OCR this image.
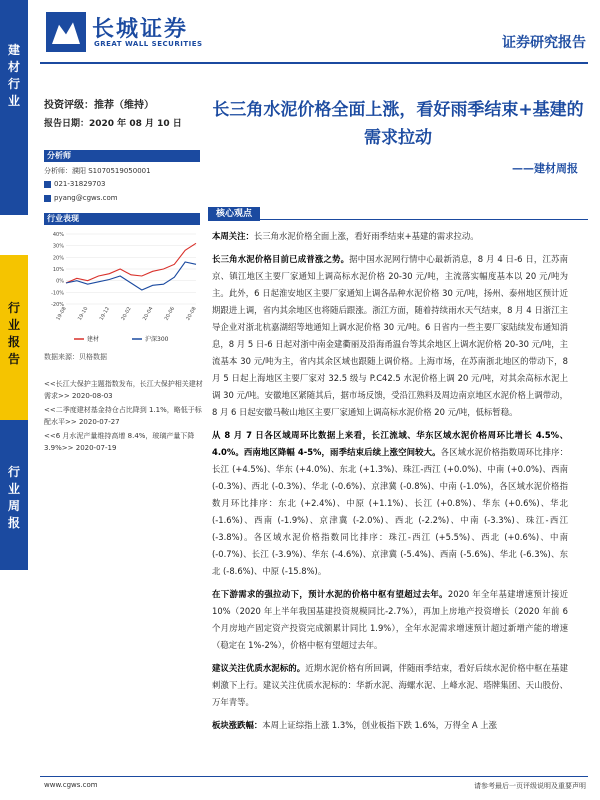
建
材
行
业
行
业
报
告
行
业
周
报
长城证券
GREAT WALL SECURITIES	证券研究报告
投资评级：推荐（维持）
报告日期：2020 年 08 月 10 日
分析师
分析师：濮阳 S1070519050001
021-31829703
pyang@cgws.com
行业表现
-20%
-10%
0%
10%
20%
30%
40%
19-08 19-10 19-12 20-02 20-04 20-06 20-08
建材	沪深300
数据来源：贝格数据
<<长江大保护主题指数发布，长江大保护相关建材需求>> 2020-08-03
<<二季度建材基金持仓占比降到 1.1%，略低于标配水平>> 2020-07-27
<<6 月水泥产量维持高增 8.4%，玻璃产量下降 3.9%>> 2020-07-19
长三角水泥价格全面上涨，看好雨季结束+基建的需求拉动
——建材周报
核心观点

本周关注：长三角水泥价格全面上涨，看好雨季结束+基建的需求拉动。

长三角水泥价格目前已成普涨之势。据中国水泥网行情中心最新消息，8 月 4 日-6 日，江苏南京、镇江地区主要厂家通知上调高标水泥价格 20-30 元/吨，主流落实幅度基本以 20 元/吨为主。此外，6 日起淮安地区主要厂家通知上调各品种水泥价格 30 元/吨，扬州、泰州地区预计近期跟进上调，省内其余地区也将随后跟涨。浙江方面，随着持续雨水天气结束，8 月 4 日浙江主导企业对浙北杭嘉湖绍等地通知上调水泥价格 30 元/吨。6 日省内一些主要厂家陆续发布通知消息，8 月 5 日-6 日起对浙中南金建衢丽及沿海甬温台等其余地区上调水泥价格 20-30 元/吨，主流基本 30 元/吨为主，省内其余区域也跟随上调价格。上海市场，在苏南浙北地区的带动下，8 月 5 日起上海地区主要厂家对 32.5 级与 P.C42.5 水泥价格上调 20 元/吨，对其余高标水泥上调 30 元/吨。安徽地区紧随其后，据市场反馈，受沿江熟料及周边南京地区水泥价格上调带动，8 月 6 日起安徽马鞍山地区主要厂家通知上调高标水泥价格 20 元/吨，低标暂稳。

从 8 月 7 日各区域周环比数据上来看，长江流域、华东区域水泥价格周环比增长 4.5%、4.0%。西南地区降幅 4-5%，雨季结束后续上涨空间较大。各区域水泥价格指数周环比排序：长江 (+4.5%)、华东 (+4.0%)、东北 (+1.3%)、珠江-西江 (+0.0%)、中南 (+0.0%)、西南 (-0.3%)、西北 (-0.3%)、华北 (-0.6%)、京津冀 (-0.8%)、中南 (-1.0%)，各区域水泥价格指数月环比排序：东北 (+2.4%)、中原 (+1.1%)、长江 (+0.8%)、华东 (+0.6%)、华北 (-1.6%)、西南 (-1.9%)、京津冀 (-2.0%)、西北 (-2.2%)、中南 (-3.3%)、珠江-西江 (-3.8%)。各区域水泥价格指数同比排序：珠江-西江 (+5.5%)、西北 (+0.6%)、中南 (-0.7%)、长江 (-3.9%)、华东 (-4.6%)、京津冀 (-5.4%)、西南 (-5.6%)、华北 (-6.3%)、东北 (-8.6%)、中原 (-15.8%)。

在下游需求的强拉动下，预计水泥的价格中枢有望超过去年。2020 年全年基建增速预计接近 10%（2020 年上半年我国基建投资规模同比-2.7%），再加上房地产投资增长（2020 年前 6 个月房地产固定资产投资完成额累计同比 1.9%），全年水泥需求增速预计超过新增产能的增速（稳定在 1%-2%），价格中枢有望超过去年。

建议关注优质水泥标的。近期水泥价格有所回调，伴随雨季结束，看好后续水泥价格中枢在基建刺激下上行。建议关注优质水泥标的：华新水泥、海螺水泥、上峰水泥、塔牌集团、天山股份、万年青等。

板块涨跌幅：本周上证综指上涨 1.3%，创业板指下跌 1.6%，万得全 A 上涨

www.cgws.com	请参考最后一页评级说明及重要声明
